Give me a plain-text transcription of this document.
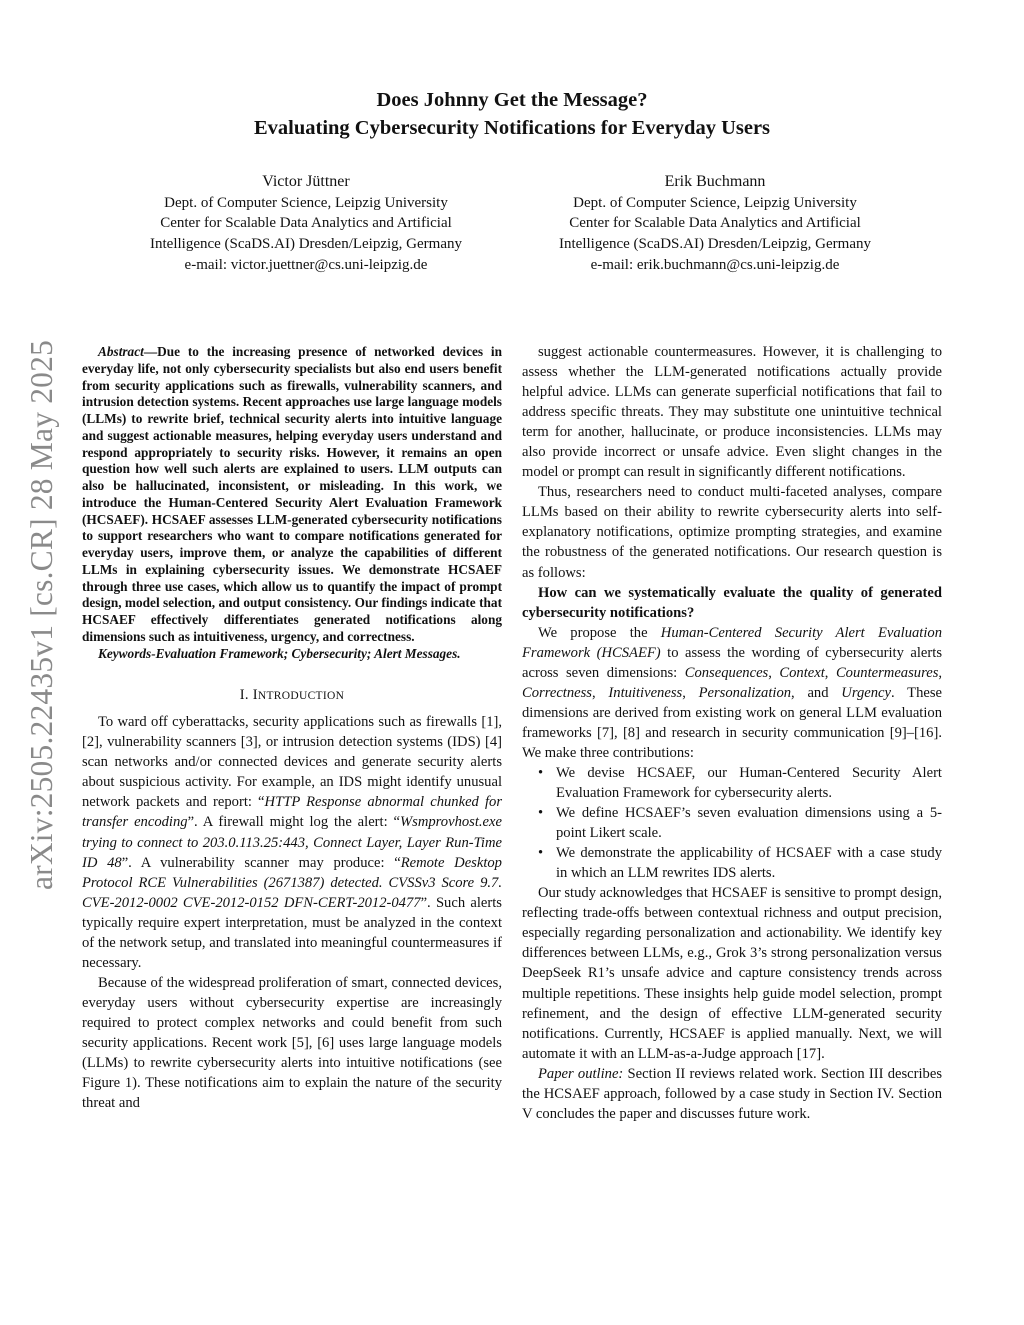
arXiv:2505.22435v1 [cs.CR] 28 May 2025
Does Johnny Get the Message?
Evaluating Cybersecurity Notifications for Everyday Users
Victor Jüttner
Dept. of Computer Science, Leipzig University
Center for Scalable Data Analytics and Artificial
Intelligence (ScaDS.AI) Dresden/Leipzig, Germany
e-mail: victor.juettner@cs.uni-leipzig.de
Erik Buchmann
Dept. of Computer Science, Leipzig University
Center for Scalable Data Analytics and Artificial
Intelligence (ScaDS.AI) Dresden/Leipzig, Germany
e-mail: erik.buchmann@cs.uni-leipzig.de

Abstract—Due to the increasing presence of networked devices in everyday life, not only cybersecurity specialists but also end users benefit from security applications such as firewalls, vulnerability scanners, and intrusion detection systems. Recent approaches use large language models (LLMs) to rewrite brief, technical security alerts into intuitive language and suggest actionable measures, helping everyday users understand and respond appropriately to security risks. However, it remains an open question how well such alerts are explained to users. LLM outputs can also be hallucinated, inconsistent, or misleading. In this work, we introduce the Human-Centered Security Alert Evaluation Framework (HCSAEF). HCSAEF assesses LLM-generated cybersecurity notifications to support researchers who want to compare notifications generated for everyday users, improve them, or analyze the capabilities of different LLMs in explaining cybersecurity issues. We demonstrate HCSAEF through three use cases, which allow us to quantify the impact of prompt design, model selection, and output consistency. Our findings indicate that HCSAEF effectively differentiates generated notifications along dimensions such as intuitiveness, urgency, and correctness.

Keywords-Evaluation Framework; Cybersecurity; Alert Messages.

I. INTRODUCTION

To ward off cyberattacks, security applications such as firewalls [1], [2], vulnerability scanners [3], or intrusion detection systems (IDS) [4] scan networks and/or connected devices and generate security alerts about suspicious activity. For example, an IDS might identify unusual network packets and report: “HTTP Response abnormal chunked for transfer encoding”. A firewall might log the alert: “Wsmprovhost.exe trying to connect to 203.0.113.25:443, Connect Layer, Layer Run-Time ID 48”. A vulnerability scanner may produce: “Remote Desktop Protocol RCE Vulnerabilities (2671387) detected. CVSSv3 Score 9.7. CVE-2012-0002 CVE-2012-0152 DFN-CERT-2012-0477”. Such alerts typically require expert interpretation, must be analyzed in the context of the network setup, and translated into meaningful countermeasures if necessary.

Because of the widespread proliferation of smart, connected devices, everyday users without cybersecurity expertise are increasingly required to protect complex networks and could benefit from such security applications. Recent work [5], [6] uses large language models (LLMs) to rewrite cybersecurity alerts into intuitive notifications (see Figure 1). These notifications aim to explain the nature of the security threat and

suggest actionable countermeasures. However, it is challenging to assess whether the LLM-generated notifications actually provide helpful advice. LLMs can generate superficial notifications that fail to address specific threats. They may substitute one unintuitive technical term for another, hallucinate, or produce inconsistencies. LLMs may also provide incorrect or unsafe advice. Even slight changes in the model or prompt can result in significantly different notifications.

Thus, researchers need to conduct multi-faceted analyses, compare LLMs based on their ability to rewrite cybersecurity alerts into self-explanatory notifications, optimize prompting strategies, and examine the robustness of the generated notifications. Our research question is as follows:

How can we systematically evaluate the quality of generated cybersecurity notifications?

We propose the Human-Centered Security Alert Evaluation Framework (HCSAEF) to assess the wording of cybersecurity alerts across seven dimensions: Consequences, Context, Countermeasures, Correctness, Intuitiveness, Personalization, and Urgency. These dimensions are derived from existing work on general LLM evaluation frameworks [7], [8] and research in security communication [9]–[16]. We make three contributions:

• We devise HCSAEF, our Human-Centered Security Alert Evaluation Framework for cybersecurity alerts.
• We define HCSAEF’s seven evaluation dimensions using a 5-point Likert scale.
• We demonstrate the applicability of HCSAEF with a case study in which an LLM rewrites IDS alerts.

Our study acknowledges that HCSAEF is sensitive to prompt design, reflecting trade-offs between contextual richness and output precision, especially regarding personalization and actionability. We identify key differences between LLMs, e.g., Grok 3’s strong personalization versus DeepSeek R1’s unsafe advice and capture consistency trends across multiple repetitions. These insights help guide model selection, prompt refinement, and the design of effective LLM-generated security notifications. Currently, HCSAEF is applied manually. Next, we will automate it with an LLM-as-a-Judge approach [17].

Paper outline: Section II reviews related work. Section III describes the HCSAEF approach, followed by a case study in Section IV. Section V concludes the paper and discusses future work.
